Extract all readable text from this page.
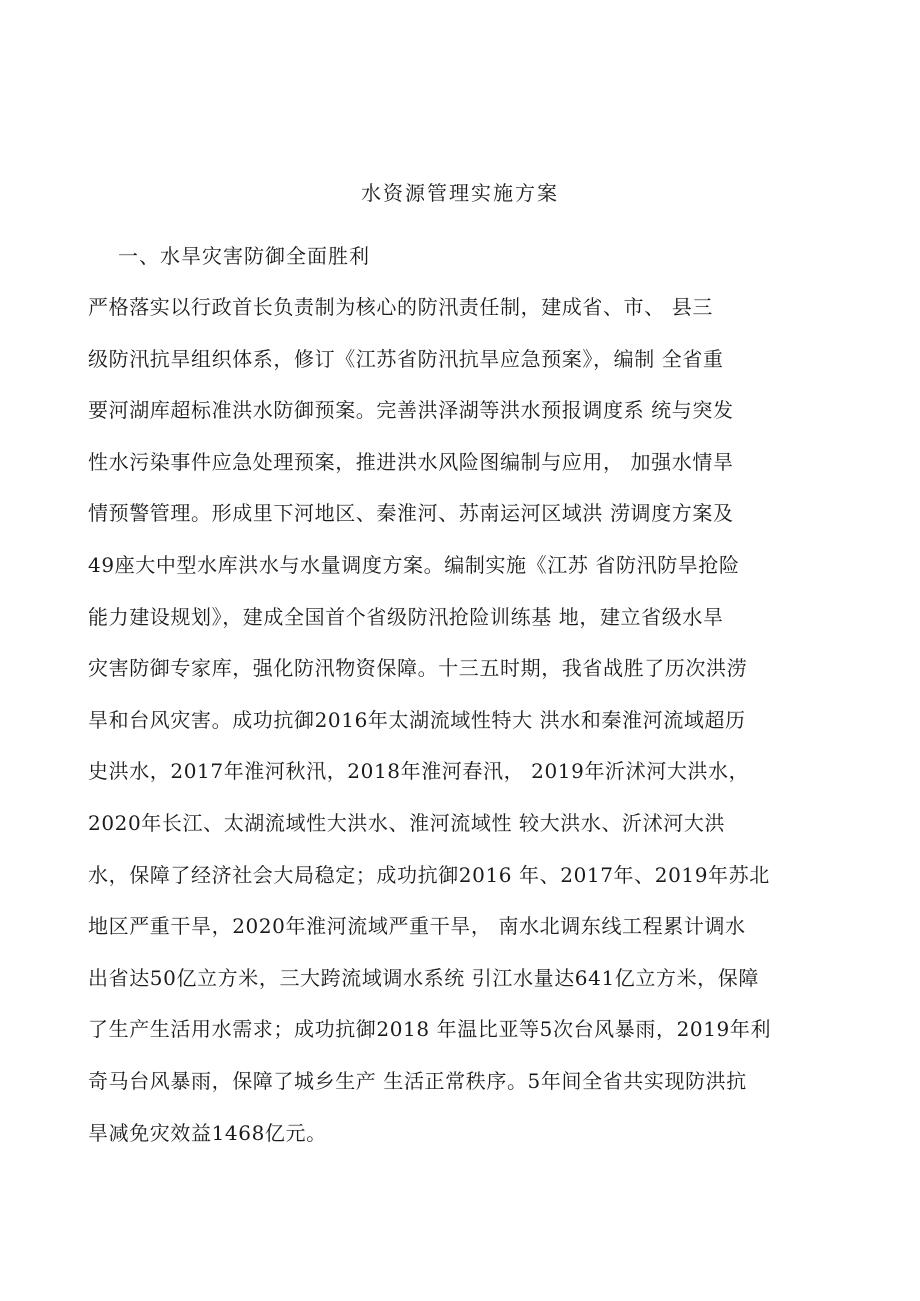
水资源管理实施方案
一、水旱灾害防御全面胜利
严格落实以行政首长负责制为核心的防汛责任制，建成省、市、 县三
级防汛抗旱组织体系，修订《江苏省防汛抗旱应急预案》，编制 全省重
要河湖库超标准洪水防御预案。完善洪泽湖等洪水预报调度系 统与突发
性水污染事件应急处理预案，推进洪水风险图编制与应用， 加强水情旱
情预警管理。形成里下河地区、秦淮河、苏南运河区域洪 涝调度方案及
49座大中型水库洪水与水量调度方案。编制实施《江苏 省防汛防旱抢险
能力建设规划》，建成全国首个省级防汛抢险训练基 地，建立省级水旱
灾害防御专家库，强化防汛物资保障。十三五时期，我省战胜了历次洪涝
旱和台风灾害。成功抗御2016年太湖流域性特大 洪水和秦淮河流域超历
史洪水，2017年淮河秋汛，2018年淮河春汛， 2019年沂沭河大洪水，
2020年长江、太湖流域性大洪水、淮河流域性 较大洪水、沂沭河大洪
水，保障了经济社会大局稳定；成功抗御2016 年、2017年、2019年苏北
地区严重干旱，2020年淮河流域严重干旱， 南水北调东线工程累计调水
出省达50亿立方米，三大跨流域调水系统 引江水量达641亿立方米，保障
了生产生活用水需求；成功抗御2018 年温比亚等5次台风暴雨，2019年利
奇马台风暴雨，保障了城乡生产 生活正常秩序。5年间全省共实现防洪抗
旱减免灾效益1468亿元。
